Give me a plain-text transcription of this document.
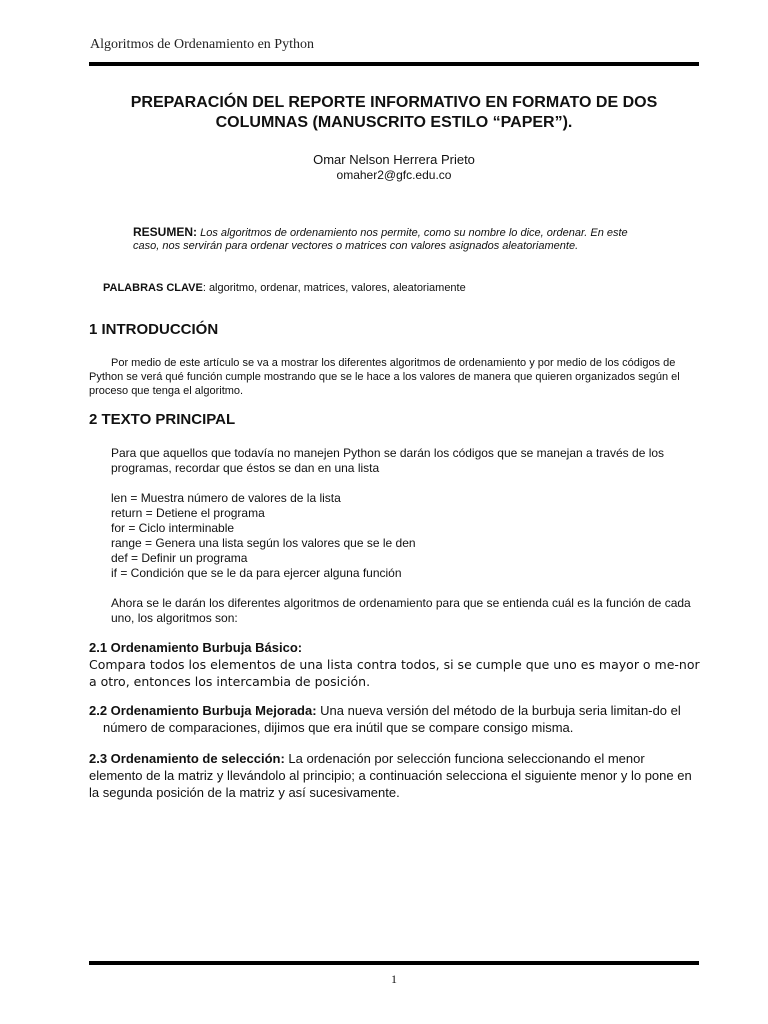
Algoritmos de Ordenamiento en Python
PREPARACIÓN DEL REPORTE INFORMATIVO EN FORMATO DE DOS
COLUMNAS (MANUSCRITO ESTILO “PAPER”).
Omar Nelson Herrera Prieto
omaher2@gfc.edu.co
RESUMEN: Los algoritmos de ordenamiento nos permite, como su nombre lo dice, ordenar. En este caso, nos servirán para ordenar vectores o matrices con valores asignados aleatoriamente.
PALABRAS CLAVE: algoritmo, ordenar, matrices, valores, aleatoriamente
1 INTRODUCCIÓN
Por medio de este artículo se va a mostrar los diferentes algoritmos de ordenamiento y por medio de los códigos de Python se verá qué función cumple mostrando que se le hace a los valores de manera que quieren organizados según el proceso que tenga el algoritmo.
2 TEXTO PRINCIPAL
Para que aquellos que todavía no manejen Python se darán los códigos que se manejan a través de los programas, recordar que éstos se dan en una lista
len = Muestra número de valores de la lista
return = Detiene el programa
for = Ciclo interminable
range = Genera una lista según los valores que se le den
def = Definir un programa
if = Condición que se le da para ejercer alguna función
Ahora se le darán los diferentes algoritmos de ordenamiento para que se entienda cuál es la función de cada uno, los algoritmos son:
2.1 Ordenamiento Burbuja Básico:
Compara todos los elementos de una lista contra todos, si se cumple que uno es mayor o me-nor a otro, entonces los intercambia de posición.
2.2 Ordenamiento Burbuja Mejorada: Una nueva versión del método de la burbuja seria limitan-do el número de comparaciones, dijimos que era inútil que se compare consigo misma.
2.3 Ordenamiento de selección: La ordenación por selección funciona seleccionando el menor elemento de la matriz y llevándolo al principio; a continuación selecciona el siguiente menor y lo pone en la segunda posición de la matriz y así sucesivamente.
1
